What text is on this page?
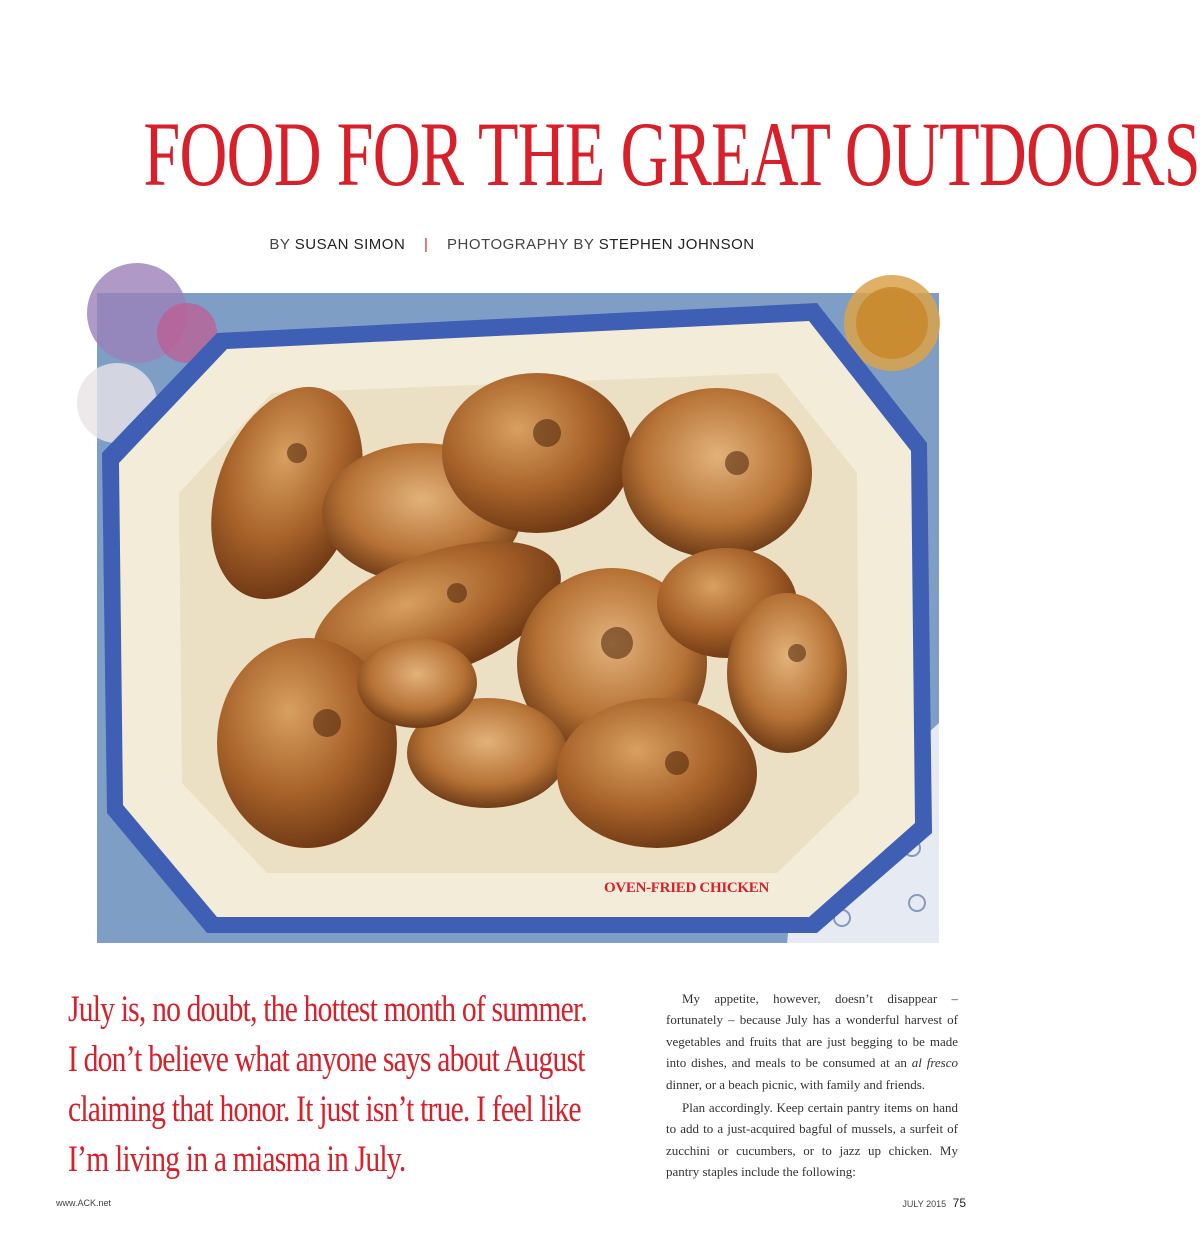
FOOD FOR THE GREAT OUTDOORS
BY SUSAN SIMON | PHOTOGRAPHY BY STEPHEN JOHNSON
OVEN-FRIED CHICKEN
July is, no doubt, the hottest month of summer.
I don’t believe what anyone says about August
claiming that honor. It just isn’t true. I feel like
I’m living in a miasma in July.

My appetite, however, doesn’t disappear – fortunately – because July has a wonderful harvest of vegetables and fruits that are just begging to be made into dishes, and meals to be consumed at an al fresco dinner, or a beach picnic, with family and friends.

Plan accordingly. Keep certain pantry items on hand to add to a just-acquired bagful of mussels, a surfeit of zucchini or cucumbers, or to jazz up chicken. My pantry staples include the following:

www.ACK.net	JULY 2015 75
